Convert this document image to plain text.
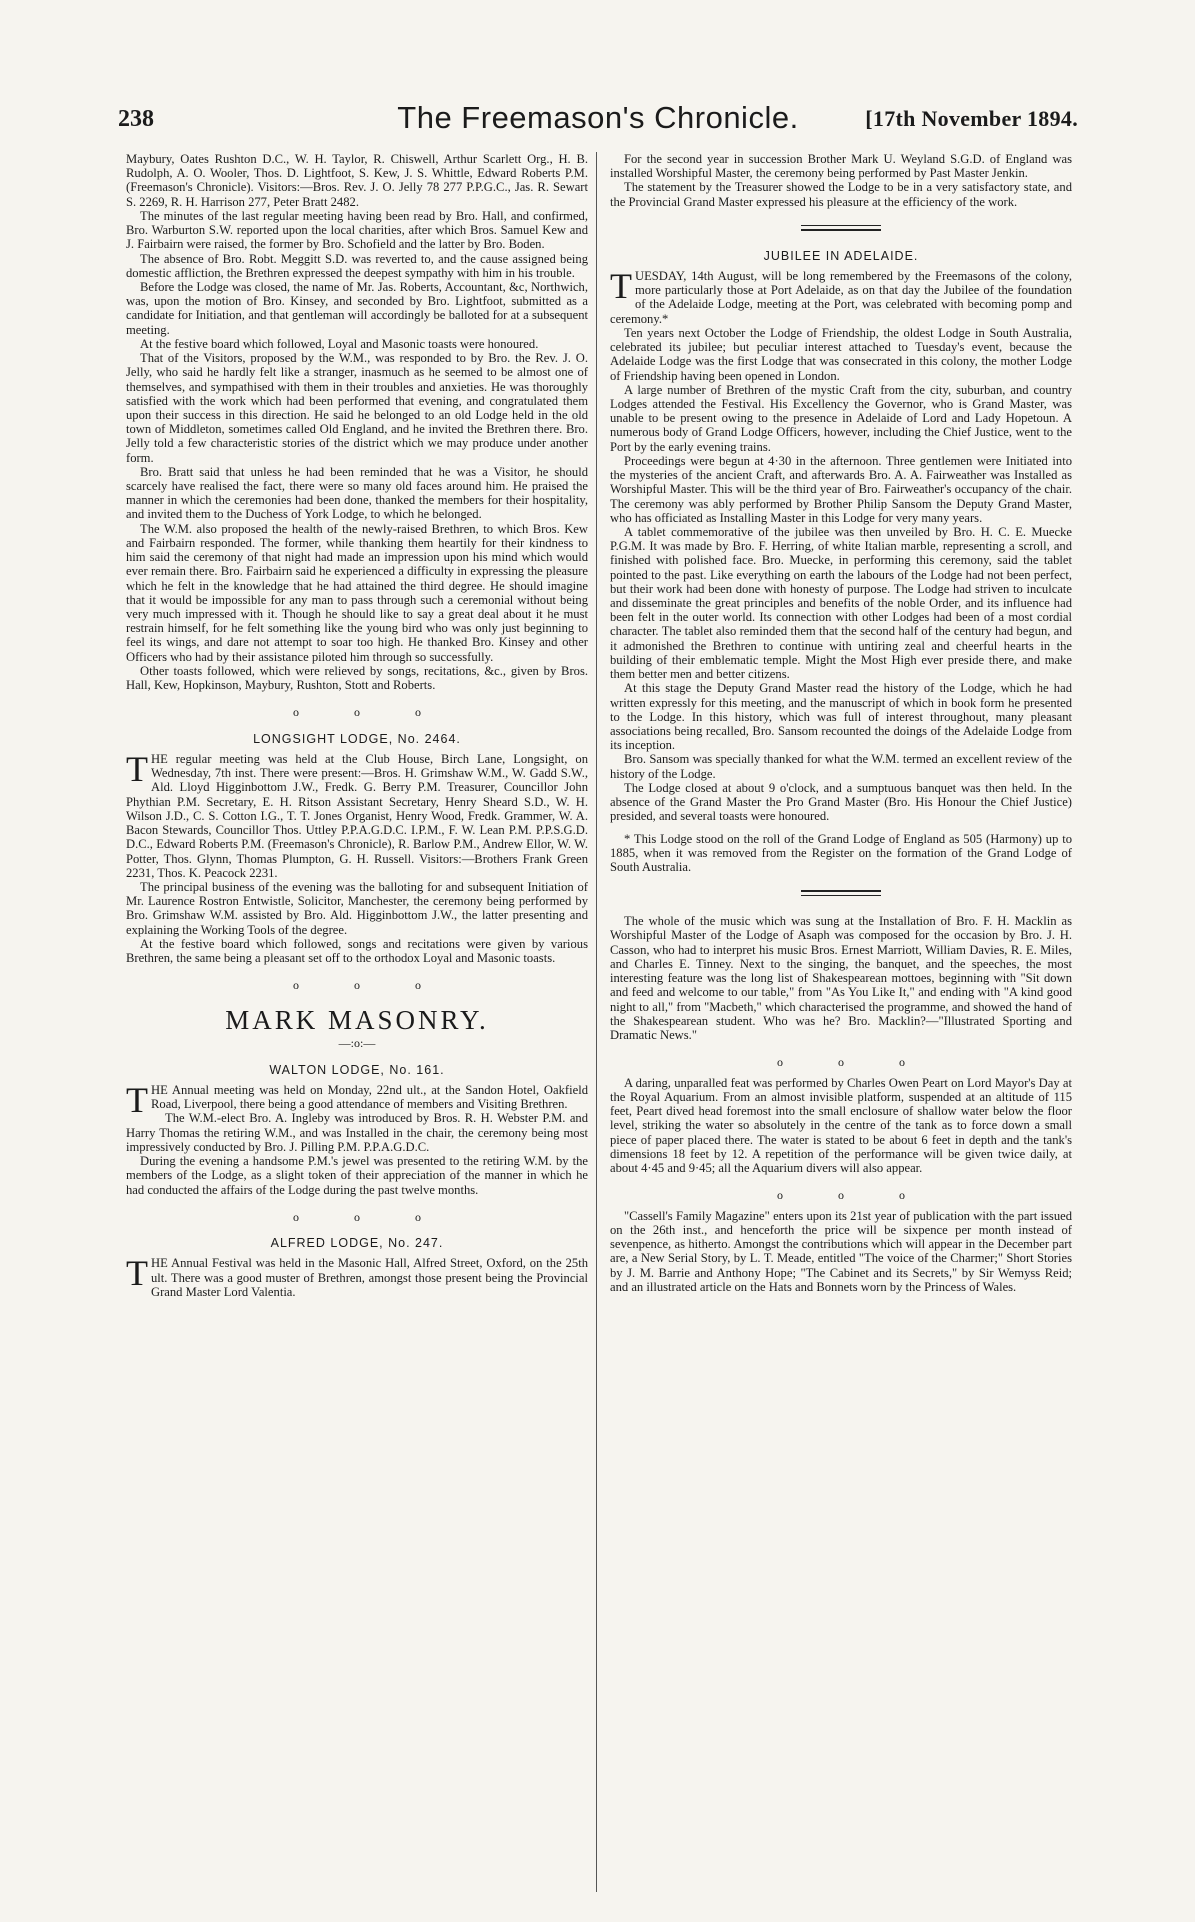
238	The Freemason's Chronicle.	[17th November 1894.

Maybury, Oates Rushton D.C., W. H. Taylor, R. Chiswell, Arthur Scarlett Org., H. B. Rudolph, A. O. Wooler, Thos. D. Lightfoot, S. Kew, J. S. Whittle, Edward Roberts P.M. (Freemason's Chronicle). Visitors:—Bros. Rev. J. O. Jelly 78 277 P.P.G.C., Jas. R. Sewart S. 2269, R. H. Harrison 277, Peter Bratt 2482.

The minutes of the last regular meeting having been read by Bro. Hall, and confirmed, Bro. Warburton S.W. reported upon the local charities, after which Bros. Samuel Kew and J. Fairbairn were raised, the former by Bro. Schofield and the latter by Bro. Boden.

The absence of Bro. Robt. Meggitt S.D. was reverted to, and the cause assigned being domestic affliction, the Brethren expressed the deepest sympathy with him in his trouble.

Before the Lodge was closed, the name of Mr. Jas. Roberts, Accountant, &c, Northwich, was, upon the motion of Bro. Kinsey, and seconded by Bro. Lightfoot, submitted as a candidate for Initiation, and that gentleman will accordingly be balloted for at a subsequent meeting.

At the festive board which followed, Loyal and Masonic toasts were honoured.

That of the Visitors, proposed by the W.M., was responded to by Bro. the Rev. J. O. Jelly, who said he hardly felt like a stranger, inasmuch as he seemed to be almost one of themselves, and sympathised with them in their troubles and anxieties. He was thoroughly satisfied with the work which had been performed that evening, and congratulated them upon their success in this direction. He said he belonged to an old Lodge held in the old town of Middleton, sometimes called Old England, and he invited the Brethren there. Bro. Jelly told a few characteristic stories of the district which we may produce under another form.

Bro. Bratt said that unless he had been reminded that he was a Visitor, he should scarcely have realised the fact, there were so many old faces around him. He praised the manner in which the ceremonies had been done, thanked the members for their hospitality, and invited them to the Duchess of York Lodge, to which he belonged.

The W.M. also proposed the health of the newly-raised Brethren, to which Bros. Kew and Fairbairn responded. The former, while thanking them heartily for their kindness to him said the ceremony of that night had made an impression upon his mind which would ever remain there. Bro. Fairbairn said he experienced a difficulty in expressing the pleasure which he felt in the knowledge that he had attained the third degree. He should imagine that it would be impossible for any man to pass through such a ceremonial without being very much impressed with it. Though he should like to say a great deal about it he must restrain himself, for he felt something like the young bird who was only just beginning to feel its wings, and dare not attempt to soar too high. He thanked Bro. Kinsey and other Officers who had by their assistance piloted him through so successfully.

Other toasts followed, which were relieved by songs, recitations, &c., given by Bros. Hall, Kew, Hopkinson, Maybury, Rushton, Stott and Roberts.

o o o
LONGSIGHT LODGE, No. 2464.

THE regular meeting was held at the Club House, Birch Lane, Longsight, on Wednesday, 7th inst. There were present:—Bros. H. Grimshaw W.M., W. Gadd S.W., Ald. Lloyd Higginbottom J.W., Fredk. G. Berry P.M. Treasurer, Councillor John Phythian P.M. Secretary, E. H. Ritson Assistant Secretary, Henry Sheard S.D., W. H. Wilson J.D., C. S. Cotton I.G., T. T. Jones Organist, Henry Wood, Fredk. Grammer, W. A. Bacon Stewards, Councillor Thos. Uttley P.P.A.G.D.C. I.P.M., F. W. Lean P.M. P.P.S.G.D. D.C., Edward Roberts P.M. (Freemason's Chronicle), R. Barlow P.M., Andrew Ellor, W. W. Potter, Thos. Glynn, Thomas Plumpton, G. H. Russell. Visitors:—Brothers Frank Green 2231, Thos. K. Peacock 2231.

The principal business of the evening was the balloting for and subsequent Initiation of Mr. Laurence Rostron Entwistle, Solicitor, Manchester, the ceremony being performed by Bro. Grimshaw W.M. assisted by Bro. Ald. Higginbottom J.W., the latter presenting and explaining the Working Tools of the degree.

At the festive board which followed, songs and recitations were given by various Brethren, the same being a pleasant set off to the orthodox Loyal and Masonic toasts.

o o o
MARK MASONRY.
—:o:—
WALTON LODGE, No. 161.

THE Annual meeting was held on Monday, 22nd ult., at the Sandon Hotel, Oakfield Road, Liverpool, there being a good attendance of members and Visiting Brethren.

The W.M.-elect Bro. A. Ingleby was introduced by Bros. R. H. Webster P.M. and Harry Thomas the retiring W.M., and was Installed in the chair, the ceremony being most impressively conducted by Bro. J. Pilling P.M. P.P.A.G.D.C.

During the evening a handsome P.M.'s jewel was presented to the retiring W.M. by the members of the Lodge, as a slight token of their appreciation of the manner in which he had conducted the affairs of the Lodge during the past twelve months.

o o o
ALFRED LODGE, No. 247.

THE Annual Festival was held in the Masonic Hall, Alfred Street, Oxford, on the 25th ult. There was a good muster of Brethren, amongst those present being the Provincial Grand Master Lord Valentia.

For the second year in succession Brother Mark U. Weyland S.G.D. of England was installed Worshipful Master, the ceremony being performed by Past Master Jenkin.

The statement by the Treasurer showed the Lodge to be in a very satisfactory state, and the Provincial Grand Master expressed his pleasure at the efficiency of the work.

JUBILEE IN ADELAIDE.

TUESDAY, 14th August, will be long remembered by the Freemasons of the colony, more particularly those at Port Adelaide, as on that day the Jubilee of the foundation of the Adelaide Lodge, meeting at the Port, was celebrated with becoming pomp and ceremony.*

Ten years next October the Lodge of Friendship, the oldest Lodge in South Australia, celebrated its jubilee; but peculiar interest attached to Tuesday's event, because the Adelaide Lodge was the first Lodge that was consecrated in this colony, the mother Lodge of Friendship having been opened in London.

A large number of Brethren of the mystic Craft from the city, suburban, and country Lodges attended the Festival. His Excellency the Governor, who is Grand Master, was unable to be present owing to the presence in Adelaide of Lord and Lady Hopetoun. A numerous body of Grand Lodge Officers, however, including the Chief Justice, went to the Port by the early evening trains.

Proceedings were begun at 4·30 in the afternoon. Three gentlemen were Initiated into the mysteries of the ancient Craft, and afterwards Bro. A. A. Fairweather was Installed as Worshipful Master. This will be the third year of Bro. Fairweather's occupancy of the chair. The ceremony was ably performed by Brother Philip Sansom the Deputy Grand Master, who has officiated as Installing Master in this Lodge for very many years.

A tablet commemorative of the jubilee was then unveiled by Bro. H. C. E. Muecke P.G.M. It was made by Bro. F. Herring, of white Italian marble, representing a scroll, and finished with polished face. Bro. Muecke, in performing this ceremony, said the tablet pointed to the past. Like everything on earth the labours of the Lodge had not been perfect, but their work had been done with honesty of purpose. The Lodge had striven to inculcate and disseminate the great principles and benefits of the noble Order, and its influence had been felt in the outer world. Its connection with other Lodges had been of a most cordial character. The tablet also reminded them that the second half of the century had begun, and it admonished the Brethren to continue with untiring zeal and cheerful hearts in the building of their emblematic temple. Might the Most High ever preside there, and make them better men and better citizens.

At this stage the Deputy Grand Master read the history of the Lodge, which he had written expressly for this meeting, and the manuscript of which in book form he presented to the Lodge. In this history, which was full of interest throughout, many pleasant associations being recalled, Bro. Sansom recounted the doings of the Adelaide Lodge from its inception.

Bro. Sansom was specially thanked for what the W.M. termed an excellent review of the history of the Lodge.

The Lodge closed at about 9 o'clock, and a sumptuous banquet was then held. In the absence of the Grand Master the Pro Grand Master (Bro. His Honour the Chief Justice) presided, and several toasts were honoured.

* This Lodge stood on the roll of the Grand Lodge of England as 505 (Harmony) up to 1885, when it was removed from the Register on the formation of the Grand Lodge of South Australia.

The whole of the music which was sung at the Installation of Bro. F. H. Macklin as Worshipful Master of the Lodge of Asaph was composed for the occasion by Bro. J. H. Casson, who had to interpret his music Bros. Ernest Marriott, William Davies, R. E. Miles, and Charles E. Tinney. Next to the singing, the banquet, and the speeches, the most interesting feature was the long list of Shakespearean mottoes, beginning with "Sit down and feed and welcome to our table," from "As You Like It," and ending with "A kind good night to all," from "Macbeth," which characterised the programme, and showed the hand of the Shakespearean student. Who was he? Bro. Macklin?—"Illustrated Sporting and Dramatic News."

o o o

A daring, unparalled feat was performed by Charles Owen Peart on Lord Mayor's Day at the Royal Aquarium. From an almost invisible platform, suspended at an altitude of 115 feet, Peart dived head foremost into the small enclosure of shallow water below the floor level, striking the water so absolutely in the centre of the tank as to force down a small piece of paper placed there. The water is stated to be about 6 feet in depth and the tank's dimensions 18 feet by 12. A repetition of the performance will be given twice daily, at about 4·45 and 9·45; all the Aquarium divers will also appear.

o o o

"Cassell's Family Magazine" enters upon its 21st year of publication with the part issued on the 26th inst., and henceforth the price will be sixpence per month instead of sevenpence, as hitherto. Amongst the contributions which will appear in the December part are, a New Serial Story, by L. T. Meade, entitled "The voice of the Charmer;" Short Stories by J. M. Barrie and Anthony Hope; "The Cabinet and its Secrets," by Sir Wemyss Reid; and an illustrated article on the Hats and Bonnets worn by the Princess of Wales.
